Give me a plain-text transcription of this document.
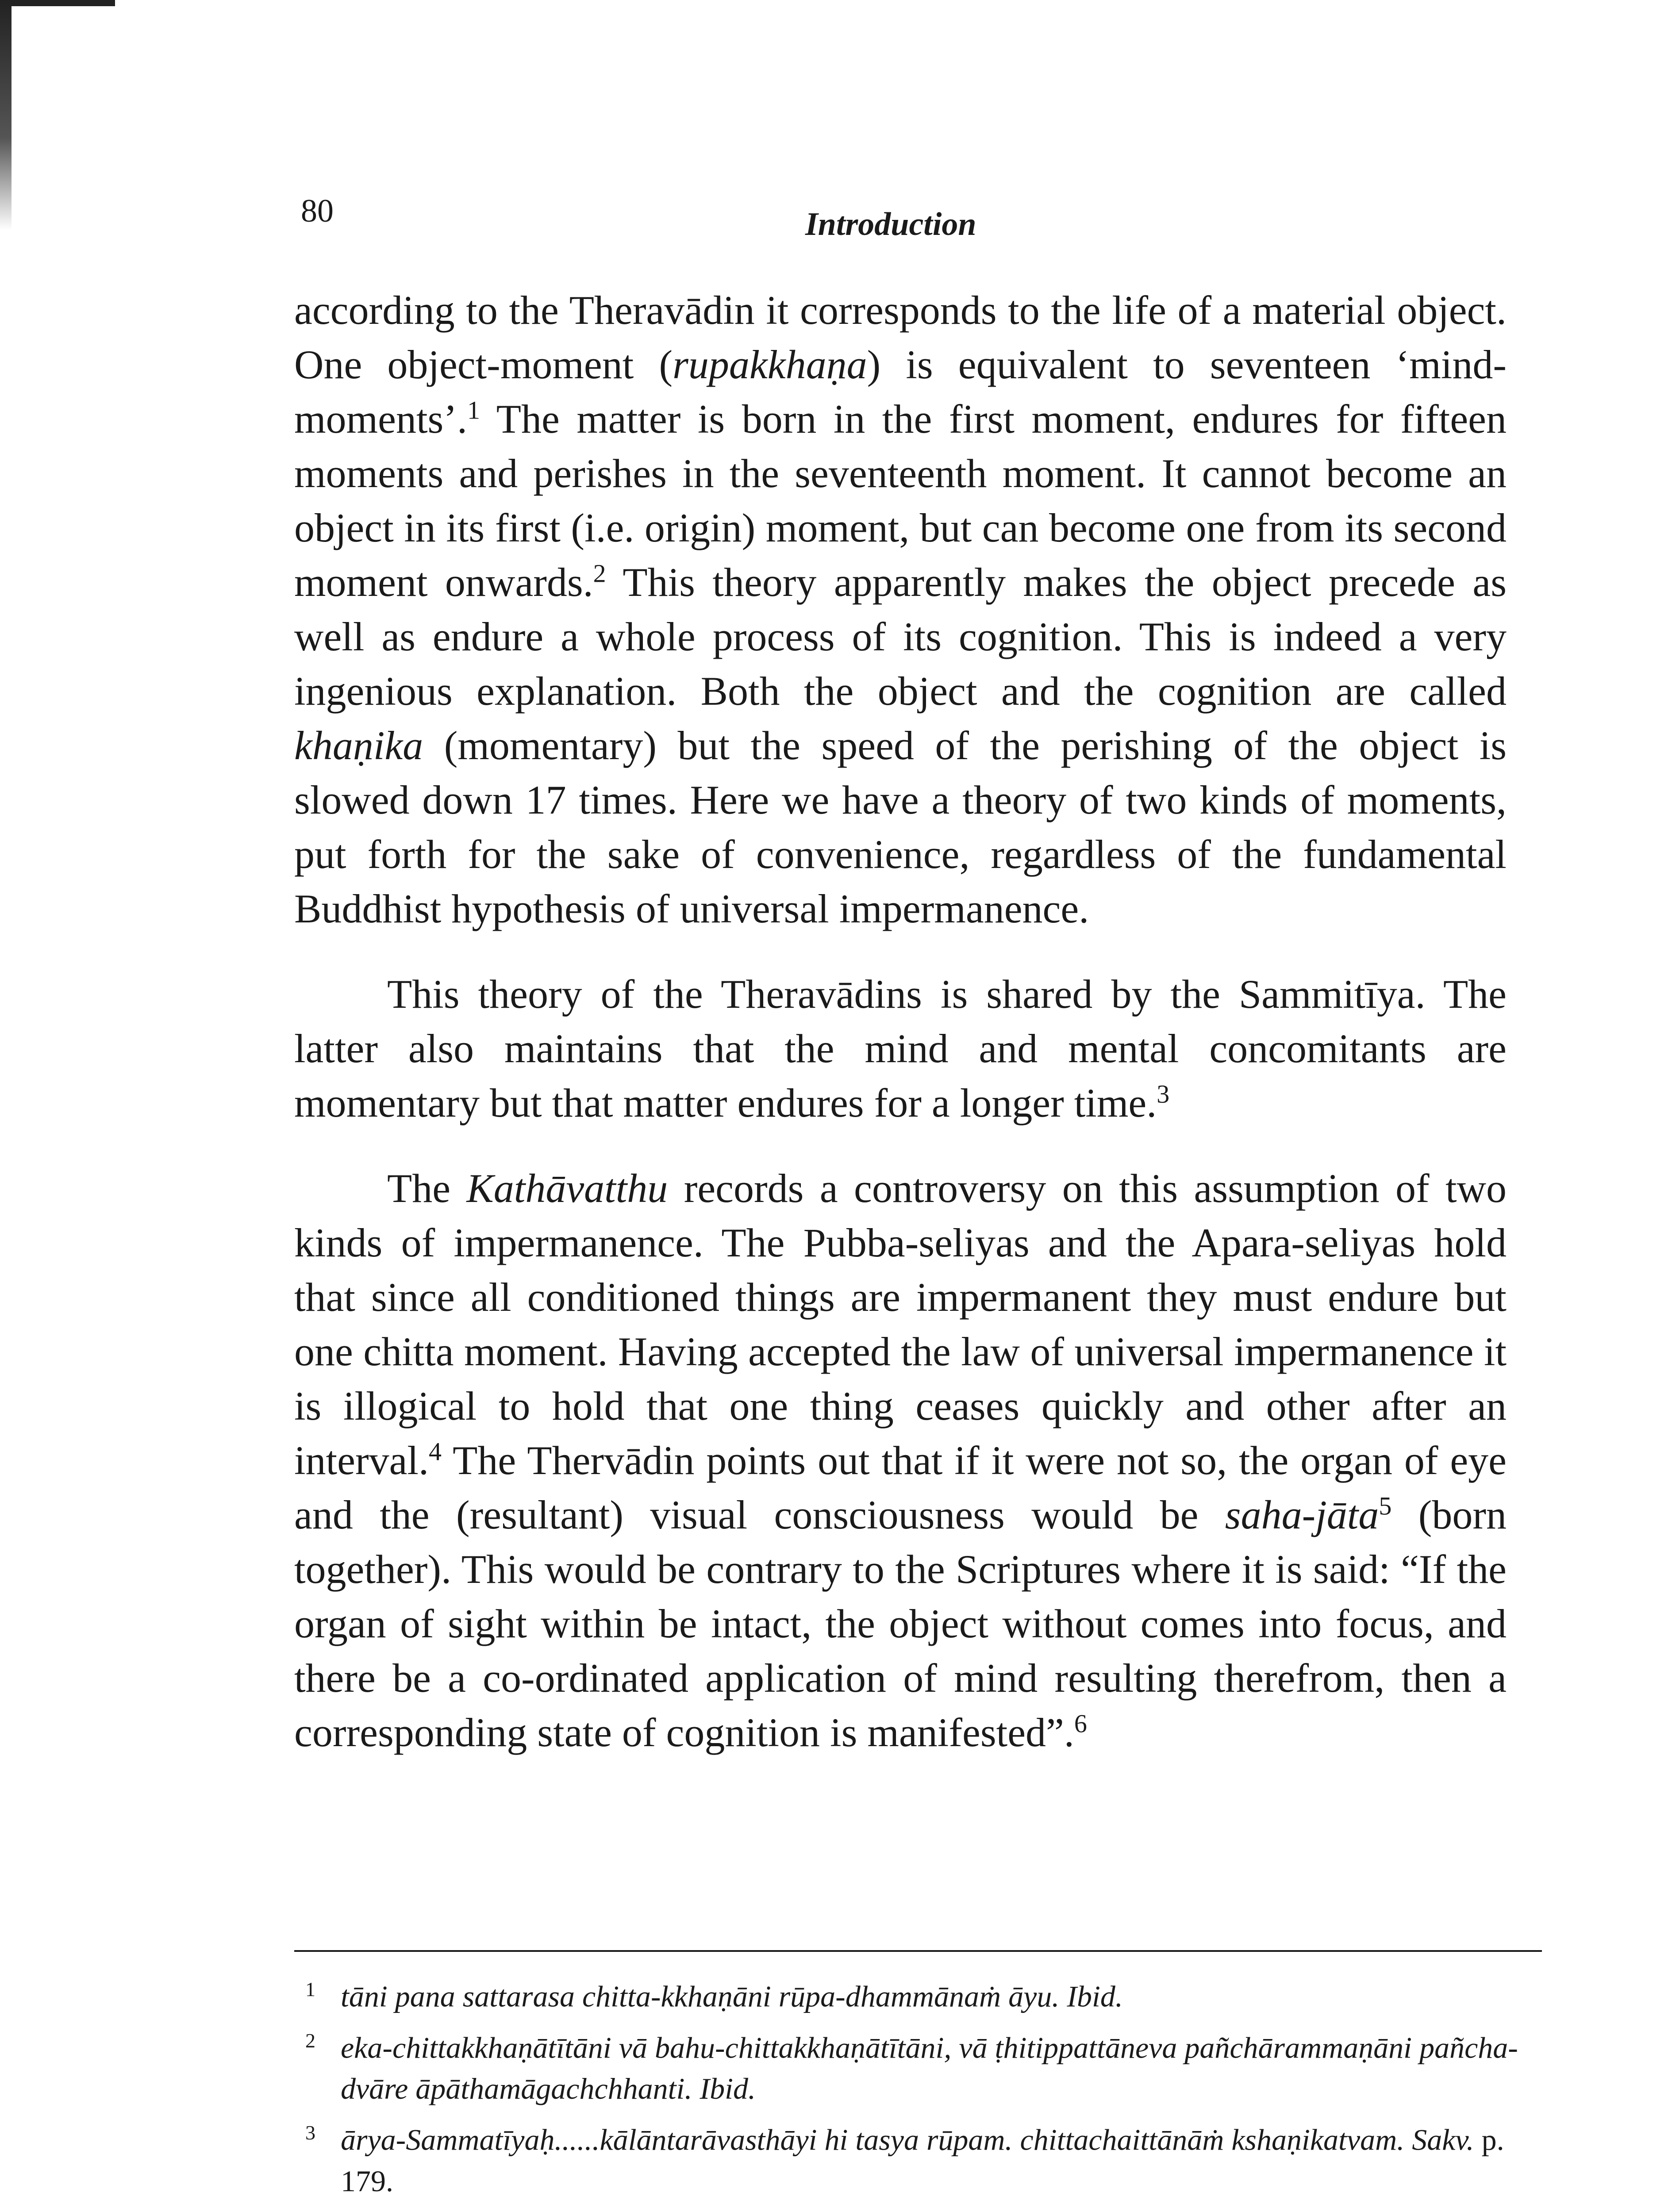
80	Introduction

according to the Theravādin it corresponds to the life of a material object. One object-moment (rupakkhaṇa) is equivalent to seventeen ‘mind-moments’.$^1$ The matter is born in the first moment, endures for fifteen moments and perishes in the seventeenth moment. It cannot become an object in its first (i.e. origin) moment, but can become one from its second moment onwards.$^2$ This theory apparently makes the object precede as well as endure a whole process of its cognition. This is indeed a very ingenious explanation. Both the object and the cognition are called khaṇika (momentary) but the speed of the perishing of the object is slowed down 17 times. Here we have a theory of two kinds of moments, put forth for the sake of convenience, regardless of the fundamental Buddhist hypothesis of universal impermanence.

This theory of the Theravādins is shared by the Sammitīya. The latter also maintains that the mind and mental concomitants are momentary but that matter endures for a longer time.$^3$

The Kathāvatthu records a controversy on this assumption of two kinds of impermanence. The Pubba-seliyas and the Apara-seliyas hold that since all conditioned things are impermanent they must endure but one chitta moment. Having accepted the law of universal impermanence it is illogical to hold that one thing ceases quickly and other after an interval.$^4$ The Thervādin points out that if it were not so, the organ of eye and the (resultant) visual consciousness would be saha-jāta$^5$ (born together). This would be contrary to the Scriptures where it is said: “If the organ of sight within be intact, the object without comes into focus, and there be a co-ordinated application of mind resulting therefrom, then a corresponding state of cognition is manifested”.$^6$

$^1$ tāni pana sattarasa chitta-kkhaṇāni rūpa-dhammānaṁ āyu. Ibid.
$^2$ eka-chittakkhaṇātītāni vā bahu-chittakkhaṇātītāni, vā ṭhitippattāneva pañchārammaṇāni pañcha-dvāre āpāthamāgachchhanti. Ibid.
$^3$ ārya-Sammatīyaḥ......kālāntarāvasthāyi hi tasya rūpam. chittachaittānāṁ kshaṇikatvam. Sakv. p. 179.
